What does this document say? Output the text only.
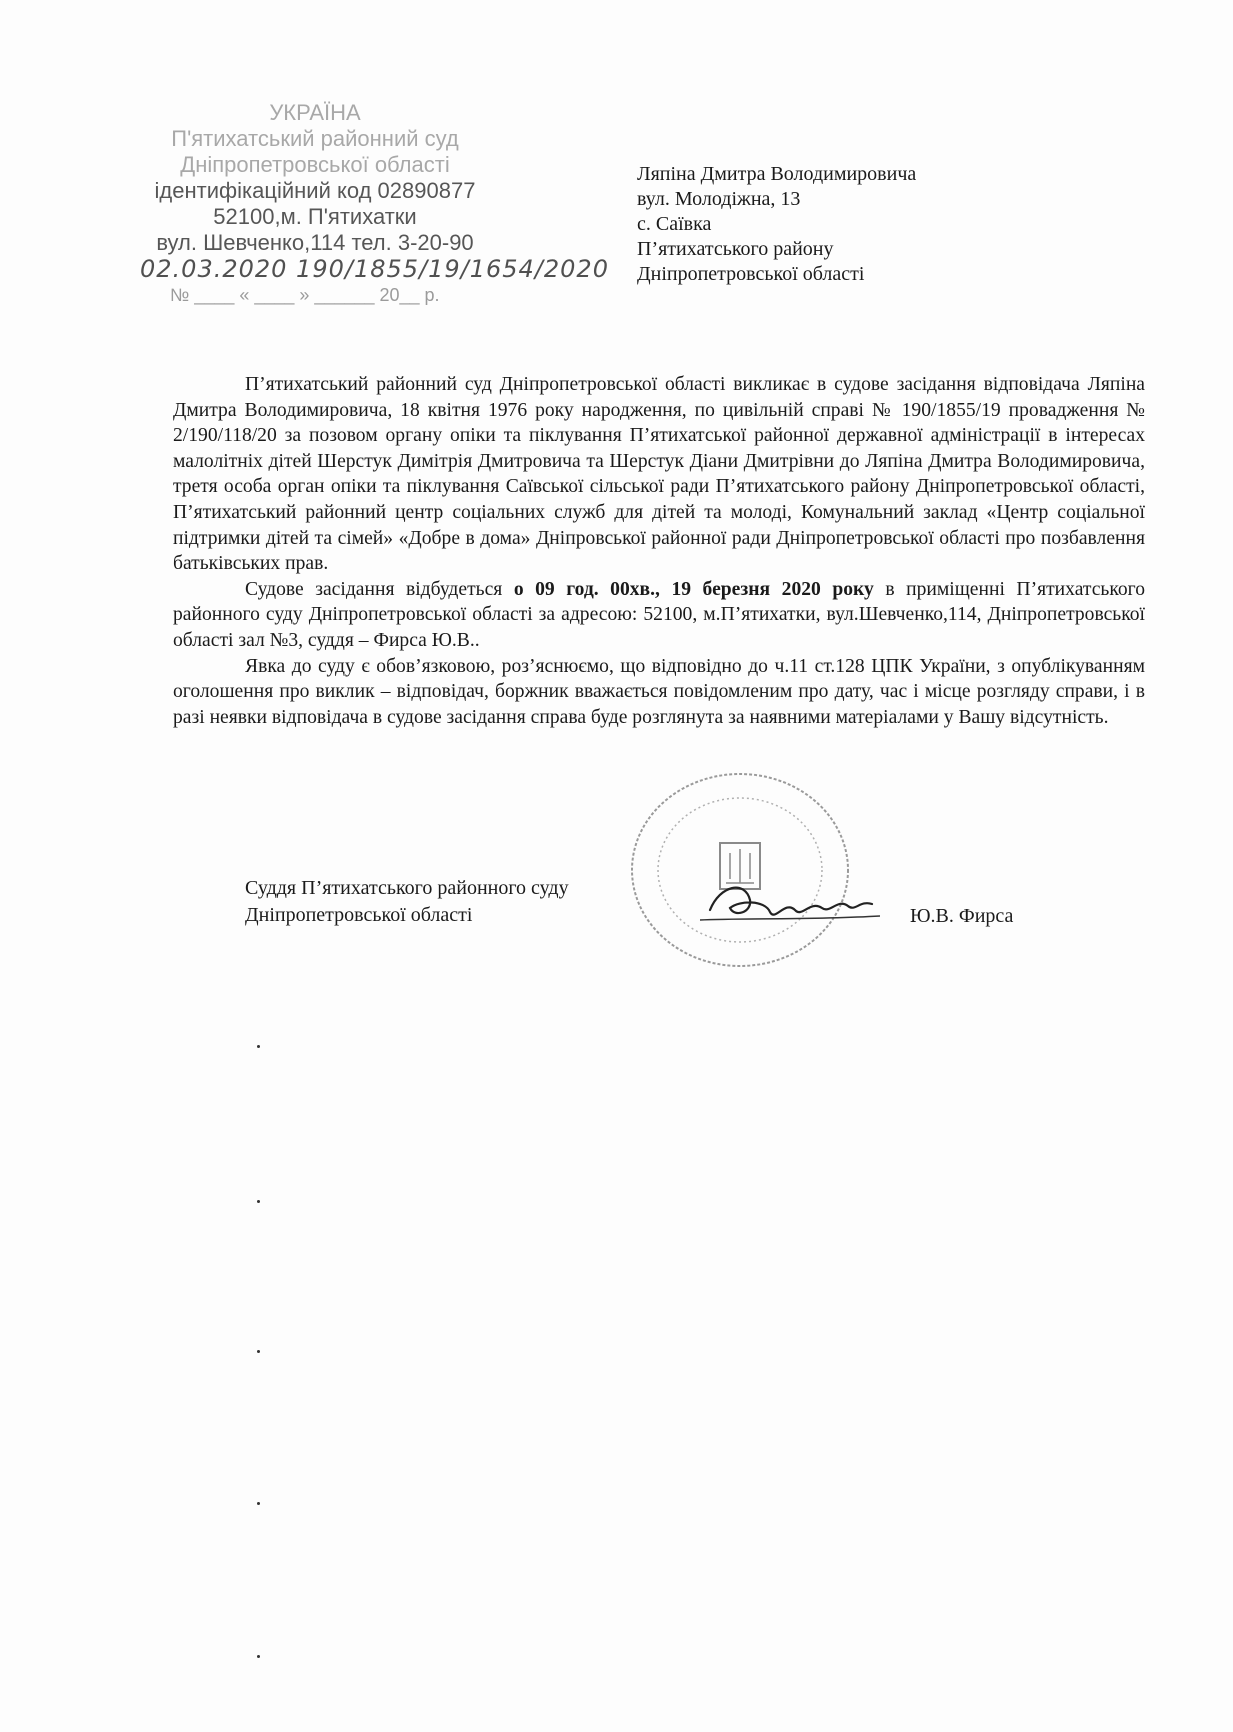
УКРАЇНА
П'ятихатський районний суд
Дніпропетровської області
ідентифікаційний код 02890877
52100,м. П'ятихатки
вул. Шевченко,114 тел. 3-20-90
02.03.2020 190/1855/19/1654/2020
№ ____ « ____ » ______ 20__ р.
Ляпіна Дмитра Володимировича
вул. Молодіжна, 13
с. Саївка
П’ятихатського району
Дніпропетровської області

П’ятихатський районний суд Дніпропетровської області викликає в судове засідання відповідача Ляпіна Дмитра Володимировича, 18 квітня 1976 року народження, по цивільній справі № 190/1855/19 провадження № 2/190/118/20 за позовом органу опіки та піклування П’ятихатської районної державної адміністрації в інтересах малолітніх дітей Шерстук Димітрія Дмитровича та Шерстук Діани Дмитрівни до Ляпіна Дмитра Володимировича, третя особа орган опіки та піклування Саївської сільської ради П’ятихатського району Дніпропетровської області, П’ятихатський районний центр соціальних служб для дітей та молоді, Комунальний заклад «Центр соціальної підтримки дітей та сімей» «Добре в дома» Дніпровської районної ради Дніпропетровської області про позбавлення батьківських прав.

Судове засідання відбудеться о 09 год. 00хв., 19 березня 2020 року в приміщенні П’ятихатського районного суду Дніпропетровської області за адресою: 52100, м.П’ятихатки, вул.Шевченко,114, Дніпропетровської області зал №3, суддя – Фирса Ю.В..

Явка до суду є обов’язковою, роз’яснюємо, що відповідно до ч.11 ст.128 ЦПК України, з опублікуванням оголошення про виклик – відповідач, боржник вважається повідомленим про дату, час і місце розгляду справи, і в разі неявки відповідача в судове засідання справа буде розглянута за наявними матеріалами у Вашу відсутність.

Суддя П’ятихатського районного суду
Дніпропетровської області	Ю.В. Фирса
